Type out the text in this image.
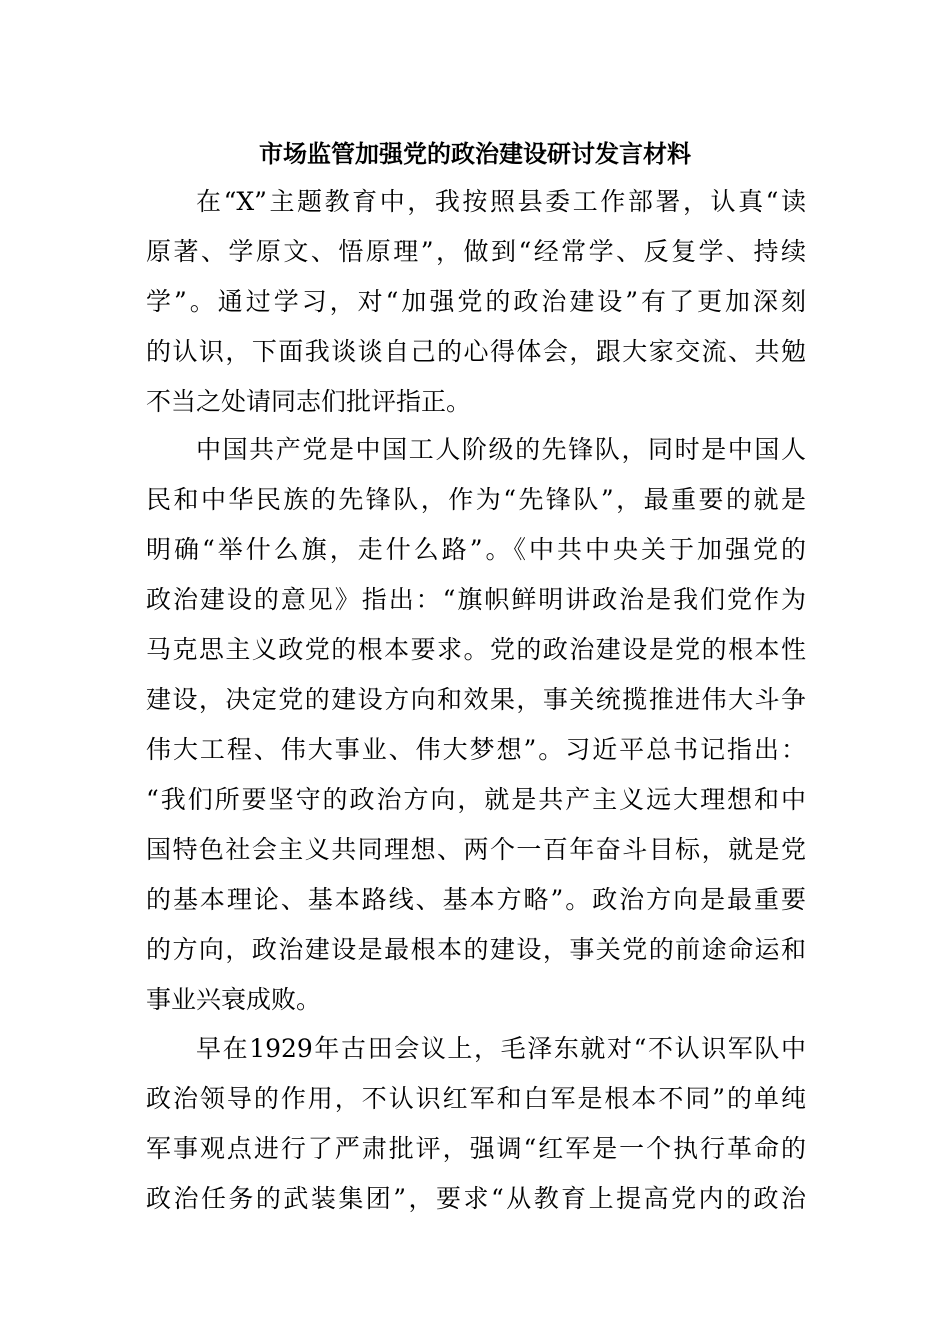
市场监管加强党的政治建设研讨发言材料
在“X”主题教育中，我按照县委工作部署，认真“读
原著、学原文、悟原理”，做到“经常学、反复学、持续
学”。通过学习，对“加强党的政治建设”有了更加深刻
的认识，下面我谈谈自己的心得体会，跟大家交流、共勉
不当之处请同志们批评指正。
中国共产党是中国工人阶级的先锋队，同时是中国人
民和中华民族的先锋队，作为“先锋队”，最重要的就是
明确“举什么旗，走什么路”。《中共中央关于加强党的
政治建设的意见》指出：“旗帜鲜明讲政治是我们党作为
马克思主义政党的根本要求。党的政治建设是党的根本性
建设，决定党的建设方向和效果，事关统揽推进伟大斗争
伟大工程、伟大事业、伟大梦想”。习近平总书记指出：
“我们所要坚守的政治方向，就是共产主义远大理想和中
国特色社会主义共同理想、两个一百年奋斗目标，就是党
的基本理论、基本路线、基本方略”。政治方向是最重要
的方向，政治建设是最根本的建设，事关党的前途命运和
事业兴衰成败。
早在1929年古田会议上，毛泽东就对“不认识军队中
政治领导的作用，不认识红军和白军是根本不同”的单纯
军事观点进行了严肃批评，强调“红军是一个执行革命的
政治任务的武装集团”，要求“从教育上提高党内的政治
